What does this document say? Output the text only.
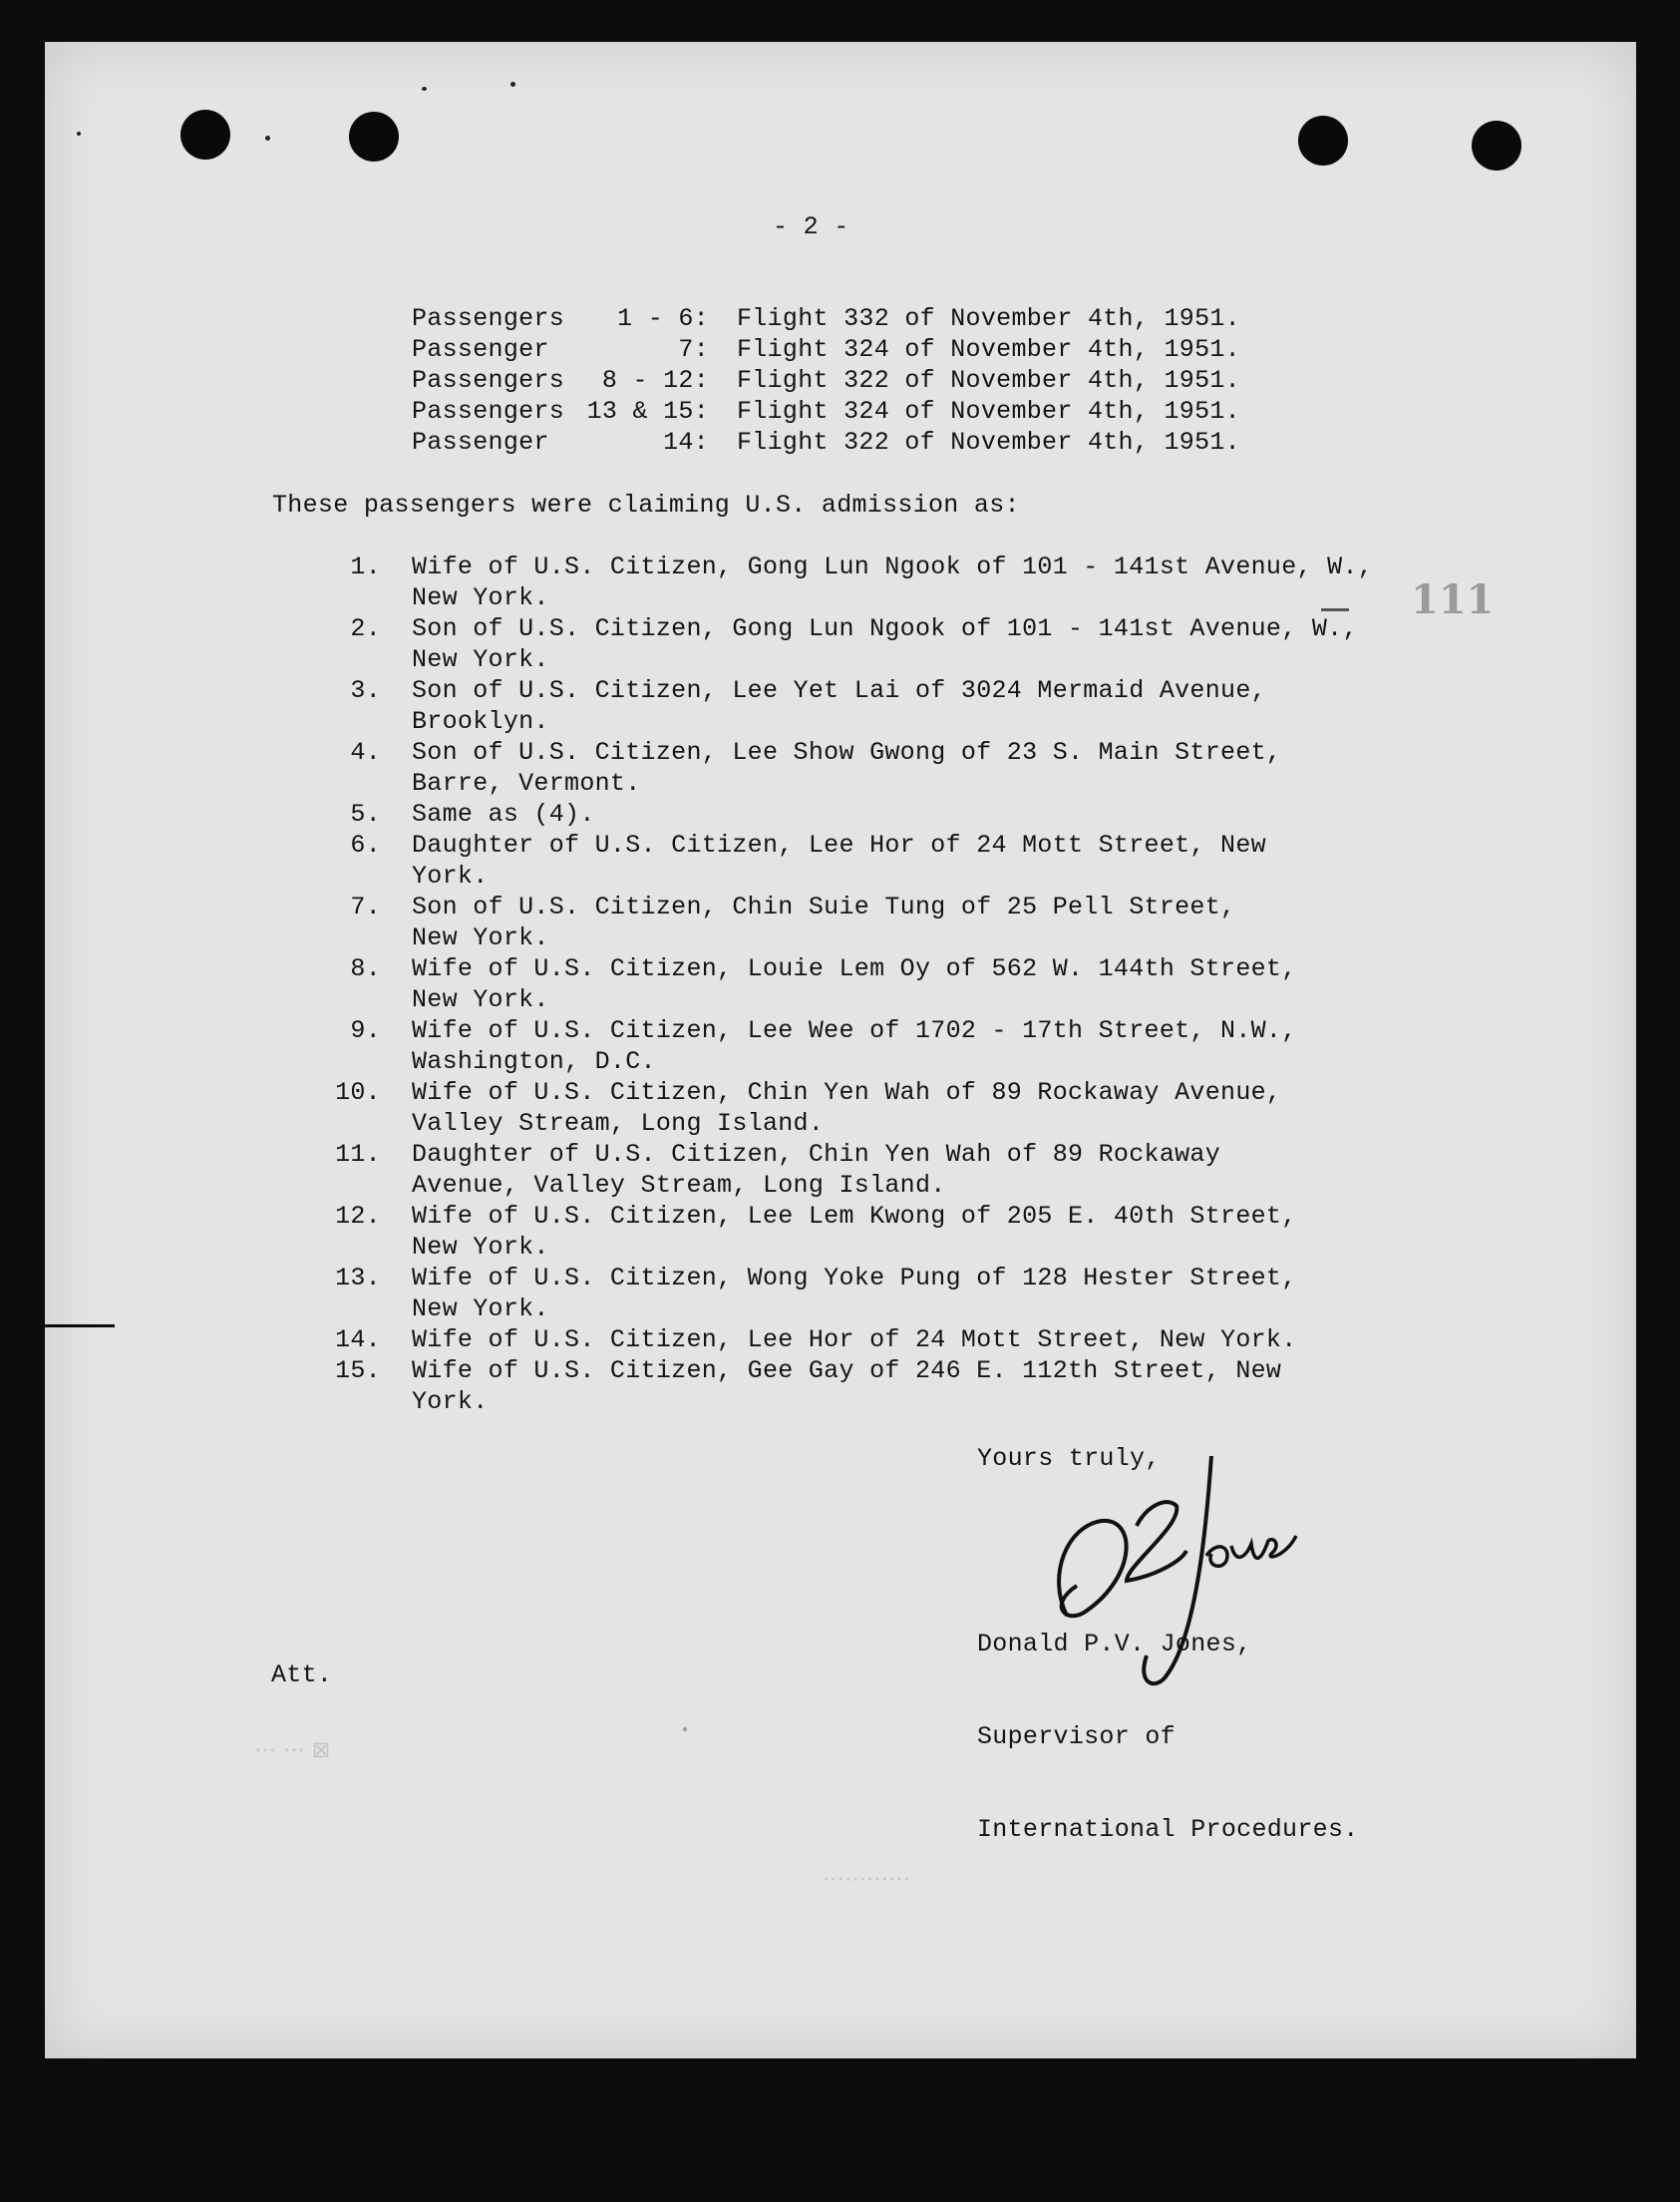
⊠ ⋯ ⋯
⋯⋯⋯⋯
- 2 -
Passengers	1 - 6:	Flight 332 of November 4th, 1951.
Passenger	7:	Flight 324 of November 4th, 1951.
Passengers	8 - 12:	Flight 322 of November 4th, 1951.
Passengers 13 & 15:	Flight 324 of November 4th, 1951.
Passenger	14:	Flight 322 of November 4th, 1951.
These passengers were claiming U.S. admission as:
1.	Wife of U.S. Citizen, Gong Lun Ngook of 101 - 141st Avenue, W.,
New York.
2.	Son of U.S. Citizen, Gong Lun Ngook of 101 - 141st Avenue, W.,
New York.
3.	Son of U.S. Citizen, Lee Yet Lai of 3024 Mermaid Avenue,
Brooklyn.
4.	Son of U.S. Citizen, Lee Show Gwong of 23 S. Main Street,
Barre, Vermont.
5.	Same as (4).
6.	Daughter of U.S. Citizen, Lee Hor of 24 Mott Street, New
York.
7.	Son of U.S. Citizen, Chin Suie Tung of 25 Pell Street,
New York.
8.	Wife of U.S. Citizen, Louie Lem Oy of 562 W. 144th Street,
New York.
9.	Wife of U.S. Citizen, Lee Wee of 1702 - 17th Street, N.W.,
Washington, D.C.
10.	Wife of U.S. Citizen, Chin Yen Wah of 89 Rockaway Avenue,
Valley Stream, Long Island.
11.	Daughter of U.S. Citizen, Chin Yen Wah of 89 Rockaway
Avenue, Valley Stream, Long Island.
12.	Wife of U.S. Citizen, Lee Lem Kwong of 205 E. 40th Street,
New York.
13.	Wife of U.S. Citizen, Wong Yoke Pung of 128 Hester Street,
New York.
14.	Wife of U.S. Citizen, Lee Hor of 24 Mott Street, New York.
15.	Wife of U.S. Citizen, Gee Gay of 246 E. 112th Street, New
York.
111
Yours truly,

Donald P.V. Jones,

Supervisor of

International Procedures.

Att.
